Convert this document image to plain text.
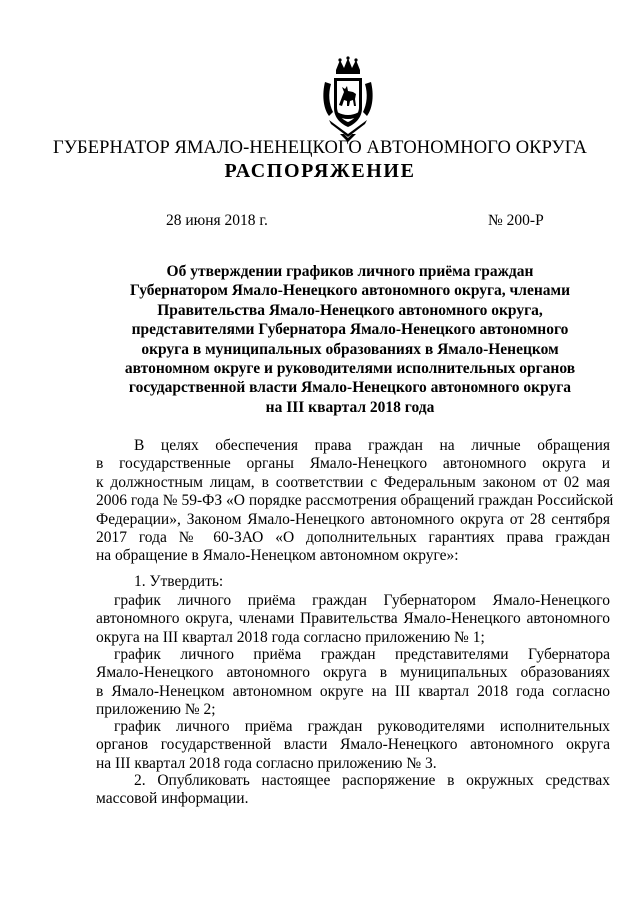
ГУБЕРНАТОР ЯМАЛО-НЕНЕЦКОГО АВТОНОМНОГО ОКРУГА
РАСПОРЯЖЕНИЕ
28 июня 2018 г.	№ 200-Р
Об утверждении графиков личного приёма граждан
Губернатором Ямало-Ненецкого автономного округа, членами
Правительства Ямало-Ненецкого автономного округа,
представителями Губернатора Ямало-Ненецкого автономного
округа в муниципальных образованиях в Ямало-Ненецком
автономном округе и руководителями исполнительных органов
государственной власти Ямало-Ненецкого автономного округа
на III квартал 2018 года
В целях обеспечения права граждан на личные обращения
в государственные органы Ямало-Ненецкого автономного округа и
к должностным лицам, в соответствии с Федеральным законом от 02 мая
2006 года № 59-ФЗ «О порядке рассмотрения обращений граждан Российской
Федерации», Законом Ямало-Ненецкого автономного округа от 28 сентября
2017 года № 60-ЗАО «О дополнительных гарантиях права граждан
на обращение в Ямало-Ненецком автономном округе»:
1. Утвердить:
график личного приёма граждан Губернатором Ямало-Ненецкого
автономного округа, членами Правительства Ямало-Ненецкого автономного
округа на III квартал 2018 года согласно приложению № 1;
график личного приёма граждан представителями Губернатора
Ямало-Ненецкого автономного округа в муниципальных образованиях
в Ямало-Ненецком автономном округе на III квартал 2018 года согласно
приложению № 2;
график личного приёма граждан руководителями исполнительных
органов государственной власти Ямало-Ненецкого автономного округа
на III квартал 2018 года согласно приложению № 3.
2. Опубликовать настоящее распоряжение в окружных средствах
массовой информации.
